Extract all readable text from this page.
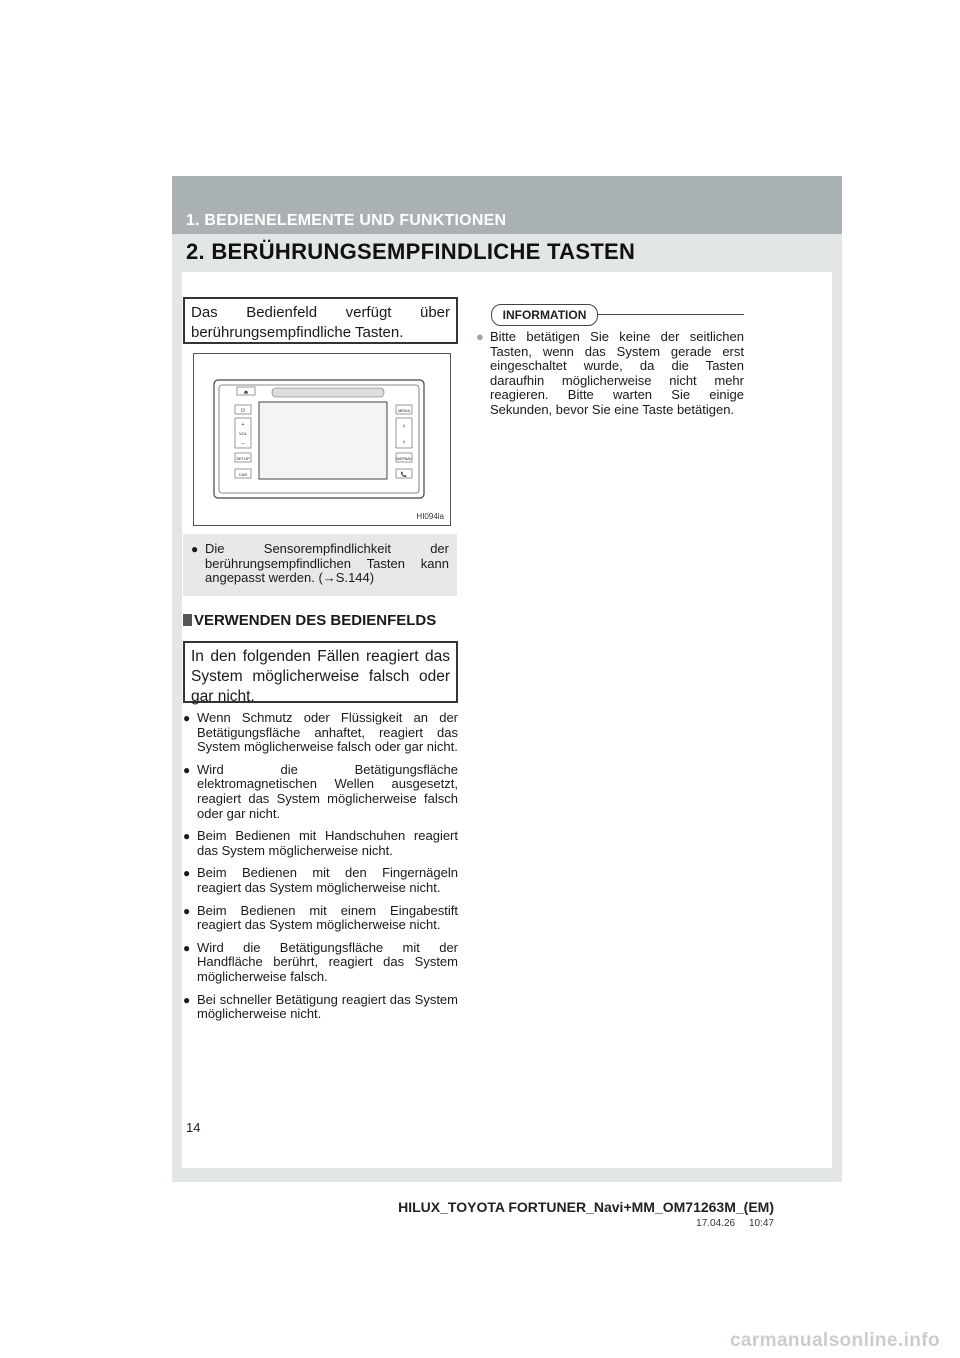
1. BEDIENELEMENTE UND FUNKTIONEN
2. BERÜHRUNGSEMPFINDLICHE TASTEN
Das Bedienfeld verfügt über berührungsempfindliche Tasten.
⏏
⏻
+
VOL
–
SETUP
CAR
MEDIA
›
‹
MAP/NAV
📞
HI094la
● Die Sensorempfindlichkeit der berührungsempfindlichen Tasten kann angepasst werden. (→S.144)
VERWENDEN DES BEDIENFELDS
In den folgenden Fällen reagiert das System möglicherweise falsch oder gar nicht.
● Wenn Schmutz oder Flüssigkeit an der Betätigungsfläche anhaftet, reagiert das System möglicherweise falsch oder gar nicht.
● Wird die Betätigungsfläche elektromagnetischen Wellen ausgesetzt, reagiert das System möglicherweise falsch oder gar nicht.
● Beim Bedienen mit Handschuhen reagiert das System möglicherweise nicht.
● Beim Bedienen mit den Fingernägeln reagiert das System möglicherweise nicht.
● Beim Bedienen mit einem Eingabestift reagiert das System möglicherweise nicht.
● Wird die Betätigungsfläche mit der Handfläche berührt, reagiert das System möglicherweise falsch.
● Bei schneller Betätigung reagiert das System möglicherweise nicht.
INFORMATION
● Bitte betätigen Sie keine der seitlichen Tasten, wenn das System gerade erst eingeschaltet wurde, da die Tasten daraufhin möglicherweise nicht mehr reagieren. Bitte warten Sie einige Sekunden, bevor Sie eine Taste betätigen.
14
HILUX_TOYOTA FORTUNER_Navi+MM_OM71263M_(EM)
17.04.26     10:47
carmanualsonline.info
